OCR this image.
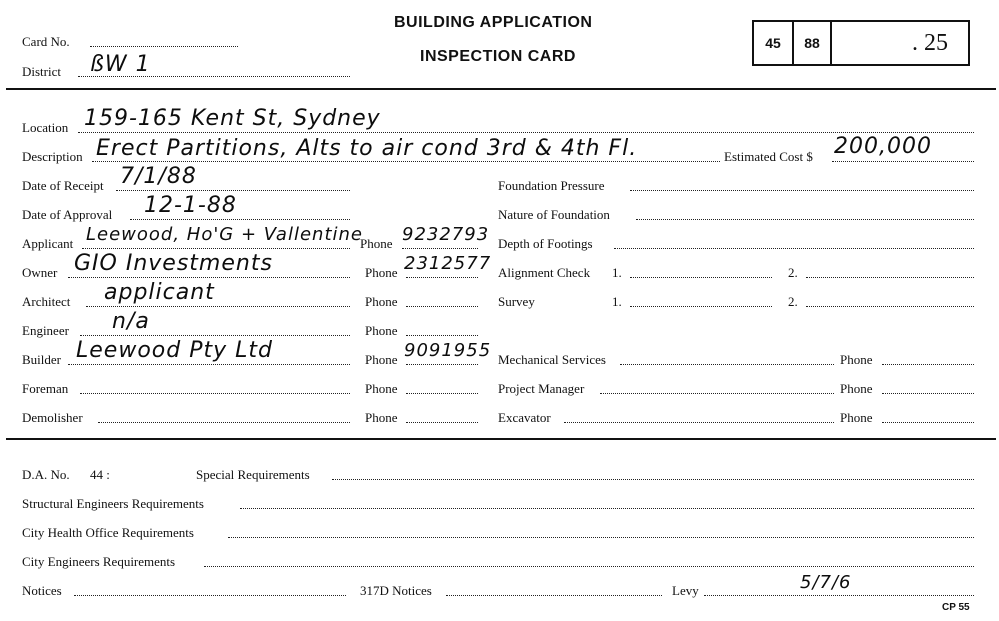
Card No.
District ßW 1
BUILDING APPLICATION
INSPECTION CARD
45	88	. 25
Location 159-165 Kent St, Sydney
Description Erect Partitions, Alts to air cond 3rd & 4th Fl.	Estimated Cost $ 200,000
Date of Receipt 7/1/88
Date of Approval 12-1-88
Applicant Leewood, Ho'G + Vallentine
Phone 9232793
Owner GIO Investments	Phone 2312577
Architect applicant	Phone
Engineer n/a	Phone
Builder Leewood Pty Ltd	Phone 9091955
Foreman	Phone
Demolisher	Phone
Foundation Pressure
Nature of Foundation
Depth of Footings
Alignment Check 1.	2.
Survey	1.	2.
Mechanical Services	Phone
Project Manager	Phone
Excavator	Phone
D.A. No. 44 :	Special Requirements
Structural Engineers Requirements
City Health Office Requirements
City Engineers Requirements
Notices	317D Notices	Levy	5/7/6
CP 55
